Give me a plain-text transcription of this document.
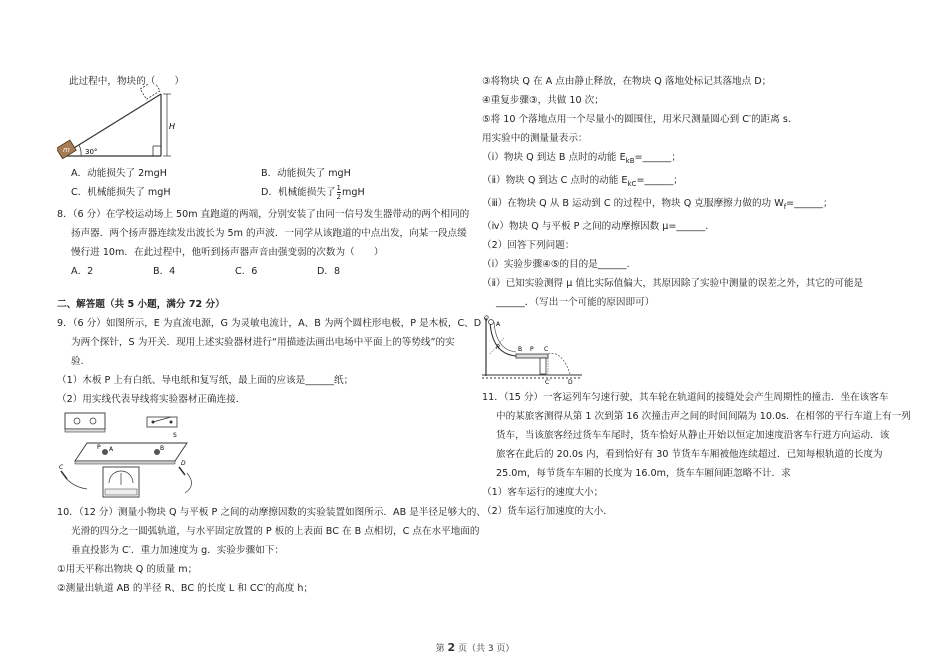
此过程中，物块的（　　）
m
H
30°
A．动能损失了 2mgH	B．动能损失了 mgH
C．机械能损失了 mgH	D．机械能损失了 $\frac{1}{2}$ mgH
8．（6 分）在学校运动场上 50m 直跑道的两端，分别安装了由同一信号发生器带动的两个相同的
扬声器．两个扬声器连续发出波长为 5m 的声波．一同学从该跑道的中点出发，向某一段点缓
慢行进 10m．在此过程中，他听到扬声器声音由强变弱的次数为（　　）
A．2	B．4	C．6	D．8
二、解答题（共 5 小题，满分 72 分）
9．（6 分）如图所示，E 为直流电源，G 为灵敏电流计，A、B 为两个圆柱形电极，P 是木板，C、D
为两个探针，S 为开关．现用上述实验器材进行“用描迹法画出电场中平面上的等势线”的实
验．
（1）木板 P 上有白纸、导电纸和复写纸，最上面的应该是______纸；
（2）用实线代表导线将实验器材正确连接．
S
P A	B
C
D
10．（12 分）测量小物块 Q 与平板 P 之间的动摩擦因数的实验装置如图所示．AB 是半径足够大的、
光滑的四分之一圆弧轨道，与水平固定放置的 P 板的上表面 BC 在 B 点相切，C 点在水平地面的
垂直投影为 C′．重力加速度为 g．实验步骤如下：
①用天平称出物块 Q 的质量 m；
②测量出轨道 AB 的半径 R、BC 的长度 L 和 CC′的高度 h；
③将物块 Q 在 A 点由静止释放，在物块 Q 落地处标记其落地点 D；
④重复步骤③，共做 10 次；
⑤将 10 个落地点用一个尽量小的圆围住，用米尺测量圆心到 C′的距离 s.
用实验中的测量量表示：
（ⅰ）物块 Q 到达 B 点时的动能 $E_{kB}=\_\_\_\_\_\_$；
（ⅱ）物块 Q 到达 C 点时的动能 $E_{kC}=\_\_\_\_\_\_$；
（ⅲ）在物块 Q 从 B 运动到 C 的过程中，物块 Q 克服摩擦力做的功 $W_f=\_\_\_\_\_\_$；
（ⅳ）物块 Q 与平板 P 之间的动摩擦因数 μ=______.
（2）回答下列问题：
（ⅰ）实验步骤④⑤的目的是______.
（ⅱ）已知实验测得 μ 值比实际值偏大，其原因除了实验中测量的误差之外，其它的可能是
______．（写出一个可能的原因即可）
Q
A
R	B P C
C′	D
11．（15 分）一客运列车匀速行驶，其车轮在轨道间的接缝处会产生周期性的撞击．坐在该客车
中的某旅客测得从第 1 次到第 16 次撞击声之间的时间间隔为 10.0s．在相邻的平行车道上有一列
货车，当该旅客经过货车车尾时，货车恰好从静止开始以恒定加速度沿客车行进方向运动．该
旅客在此后的 20.0s 内，看到恰好有 30 节货车车厢被他连续超过．已知每根轨道的长度为
25.0m，每节货车车厢的长度为 16.0m，货车车厢间距忽略不计．求
（1）客车运行的速度大小；
（2）货车运行加速度的大小．
第 2 页（共 3 页）
